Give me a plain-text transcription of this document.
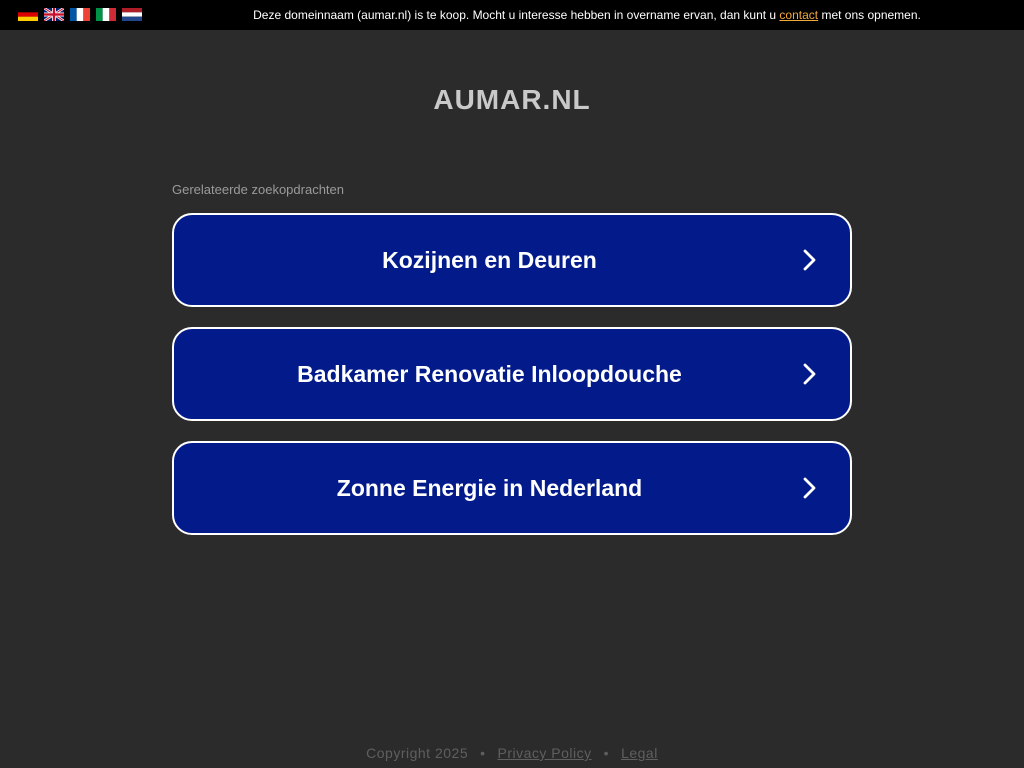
Deze domeinnaam (aumar.nl) is te koop. Mocht u interesse hebben in overname ervan, dan kunt u contact met ons opnemen.
AUMAR.NL
Gerelateerde zoekopdrachten
Kozijnen en Deuren
Badkamer Renovatie Inloopdouche
Zonne Energie in Nederland
Copyright 2025 • Privacy Policy • Legal
